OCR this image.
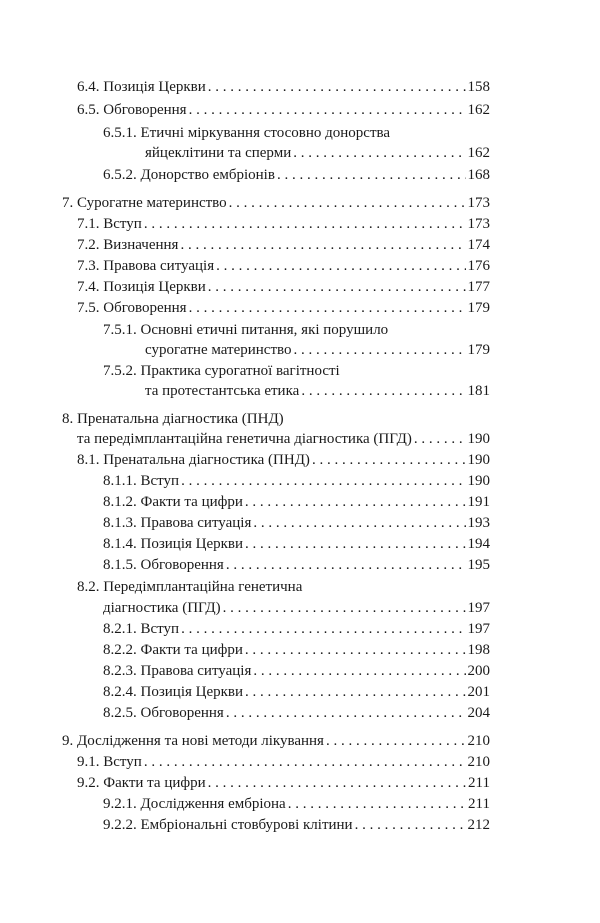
6.4. Позиція Церкви . . .	158
6.5. Обговорення . . .	162
6.5.1. Етичні міркування стосовно донорства
яйцеклітини та сперми . . .	162
6.5.2. Донорство ембріонів . . .	168
7. Сурогатне материнство . . .	173
7.1. Вступ . . .	173
7.2. Визначення . . .	174
7.3. Правова ситуація . . .	176
7.4. Позиція Церкви . . .	177
7.5. Обговорення . . .	179
7.5.1. Основні етичні питання, які порушило
сурогатне материнство . . .	179
7.5.2. Практика сурогатної вагітності
та протестантська етика . . .	181
8. Пренатальна діагностика (ПНД)
та передімплантаційна генетична діагностика (ПГД) . . .	190
8.1. Пренатальна діагностика (ПНД) . . .	190
8.1.1. Вступ . . .	190
8.1.2. Факти та цифри . . .	191
8.1.3. Правова ситуація . . .	193
8.1.4. Позиція Церкви . . .	194
8.1.5. Обговорення . . .	195
8.2. Передімплантаційна генетична
діагностика (ПГД) . . .	197
8.2.1. Вступ . . .	197
8.2.2. Факти та цифри . . .	198
8.2.3. Правова ситуація . . .	200
8.2.4. Позиція Церкви . . .	201
8.2.5. Обговорення . . .	204
9. Дослідження та нові методи лікування . . .	210
9.1. Вступ . . .	210
9.2. Факти та цифри . . .	211
9.2.1. Дослідження ембріона . . .	211
9.2.2. Ембріональні стовбурові клітини . . .	212
